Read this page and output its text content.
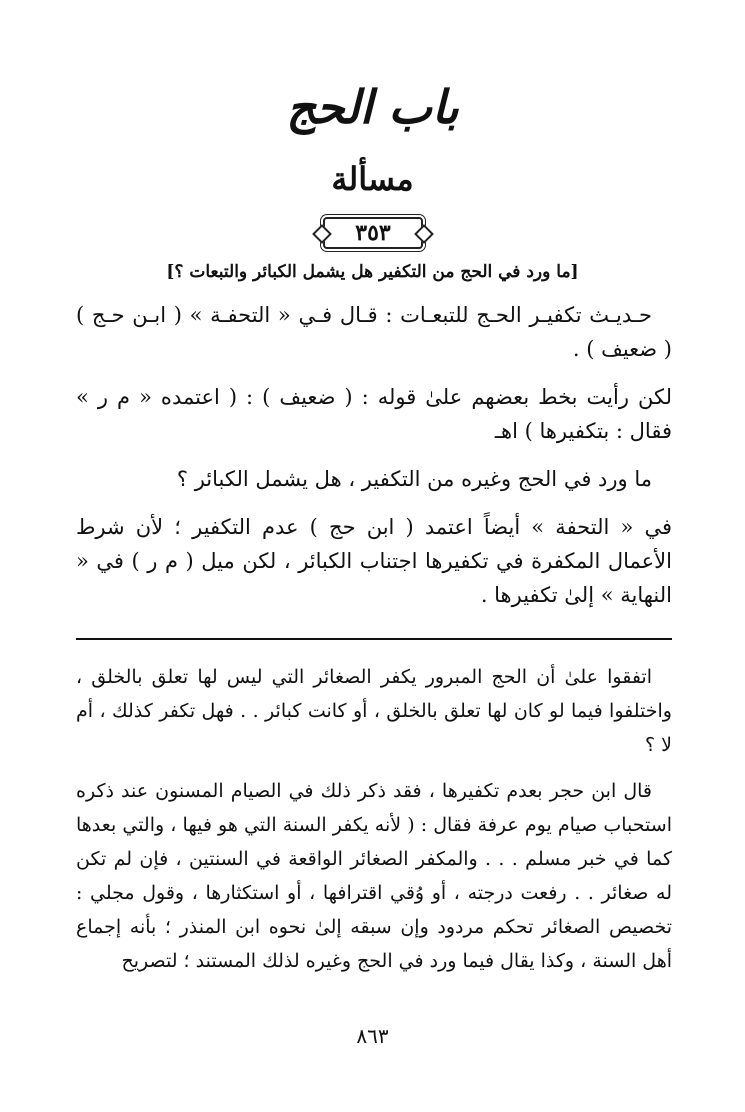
باب الحج
مسألة
٣٥٣
[ما ورد في الحج من التكفير هل يشمل الكبائر والتبعات ؟]

حـديـث تكفيـر الحـج للتبعـات : قـال فـي « التحفـة » ( ابـن حـج ) ( ضعيف ) .

لكن رأيت بخط بعضهم علىٰ قوله : ( ضعيف ) : ( اعتمده « م ر » فقال : بتكفيرها ) اهـ

ما ورد في الحج وغيره من التكفير ، هل يشمل الكبائر ؟

في « التحفة » أيضاً اعتمد ( ابن حج ) عدم التكفير ؛ لأن شرط الأعمال المكفرة في تكفيرها اجتناب الكبائر ، لكن ميل ( م ر ) في « النهاية » إلىٰ تكفيرها .

اتفقوا علىٰ أن الحج المبرور يكفر الصغائر التي ليس لها تعلق بالخلق ، واختلفوا فيما لو كان لها تعلق بالخلق ، أو كانت كبائر . . فهل تكفر كذلك ، أم لا ؟

قال ابن حجر بعدم تكفيرها ، فقد ذكر ذلك في الصيام المسنون عند ذكره استحباب صيام يوم عرفة فقال : ( لأنه يكفر السنة التي هو فيها ، والتي بعدها كما في خبر مسلم . . . والمكفر الصغائر الواقعة في السنتين ، فإن لم تكن له صغائر . . رفعت درجته ، أو وُقي اقترافها ، أو استكثارها ، وقول مجلي : تخصيص الصغائر تحكم مردود وإن سبقه إلىٰ نحوه ابن المنذر ؛ بأنه إجماع أهل السنة ، وكذا يقال فيما ورد في الحج وغيره لذلك المستند ؛ لتصريح

٨٦٣
